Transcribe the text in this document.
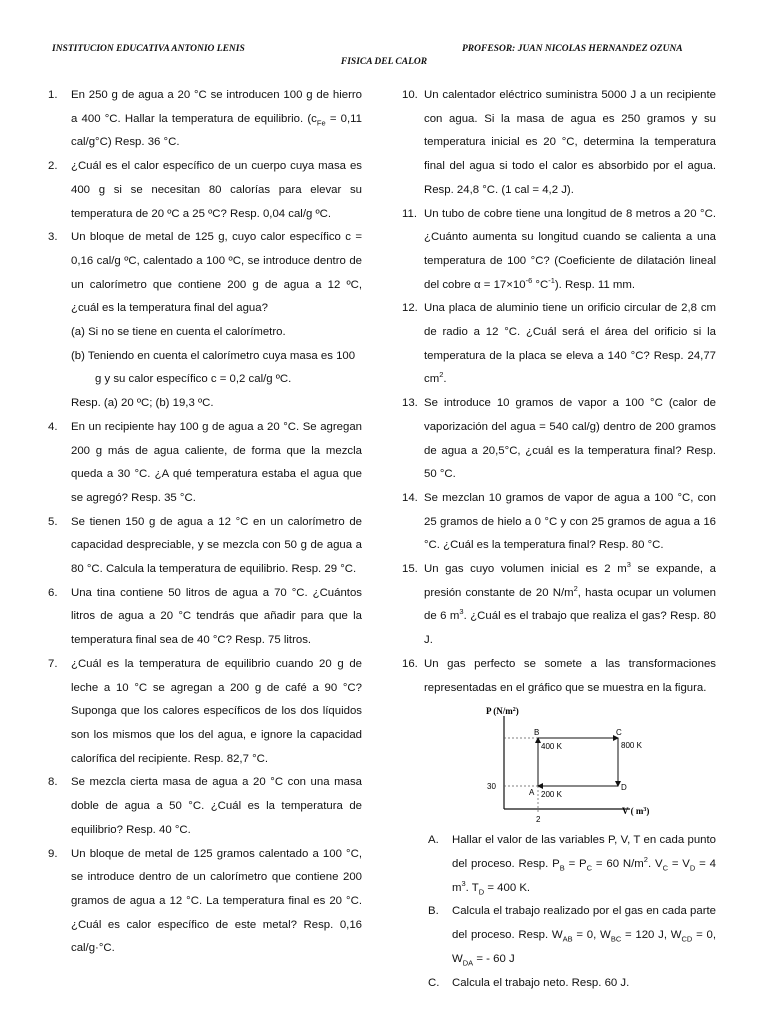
INSTITUCION EDUCATIVA ANTONIO LENIS	PROFESOR: JUAN NICOLAS HERNANDEZ OZUNA
FISICA DEL CALOR
1. En 250 g de agua a 20 °C se introducen 100 g de hierro a 400 °C. Hallar la temperatura de equilibrio. ($c_{Fe} = 0,11$ cal/g°C) Resp. 36 °C.
2. ¿Cuál es el calor específico de un cuerpo cuya masa es 400 g si se necesitan 80 calorías para elevar su temperatura de 20 ºC a 25 ºC? Resp. 0,04 cal/g ºC.
3. Un bloque de metal de 125 g, cuyo calor específico c = 0,16 cal/g ºC, calentado a 100 ºC, se introduce dentro de un calorímetro que contiene 200 g de agua a 12 ºC, ¿cuál es la temperatura final del agua?
(a) Si no se tiene en cuenta el calorímetro.
(b) Teniendo en cuenta el calorímetro cuya masa es 100
g y su calor específico c = 0,2 cal/g ºC.
Resp. (a) 20 ºC; (b) 19,3 ºC.
4. En un recipiente hay 100 g de agua a 20 °C. Se agregan 200 g más de agua caliente, de forma que la mezcla queda a 30 °C. ¿A qué temperatura estaba el agua que se agregó? Resp. 35 °C.
5. Se tienen 150 g de agua a 12 °C en un calorímetro de capacidad despreciable, y se mezcla con 50 g de agua a 80 °C. Calcula la temperatura de equilibrio. Resp. 29 °C.
6. Una tina contiene 50 litros de agua a 70 °C. ¿Cuántos litros de agua a 20 °C tendrás que añadir para que la temperatura final sea de 40 °C? Resp. 75 litros.
7. ¿Cuál es la temperatura de equilibrio cuando 20 g de leche a 10 °C se agregan a 200 g de café a 90 °C? Suponga que los calores específicos de los dos líquidos son los mismos que los del agua, e ignore la capacidad calorífica del recipiente. Resp. 82,7 °C.
8. Se mezcla cierta masa de agua a 20 °C con una masa doble de agua a 50 °C. ¿Cuál es la temperatura de equilibrio? Resp. 40 °C.
9. Un bloque de metal de 125 gramos calentado a 100 °C, se introduce dentro de un calorímetro que contiene 200 gramos de agua a 12 °C. La temperatura final es 20 °C. ¿Cuál es calor específico de este metal? Resp. 0,16 cal/g·°C.
10. Un calentador eléctrico suministra 5000 J a un recipiente con agua. Si la masa de agua es 250 gramos y su temperatura inicial es 20 °C, determina la temperatura final del agua si todo el calor es absorbido por el agua. Resp. 24,8 °C. (1 cal = 4,2 J).
11. Un tubo de cobre tiene una longitud de 8 metros a 20 °C. ¿Cuánto aumenta su longitud cuando se calienta a una temperatura de 100 °C? (Coeficiente de dilatación lineal del cobre $\alpha = 17\times 10^{-6}$ $^\circ C^{-1}$). Resp. 11 mm.
12. Una placa de aluminio tiene un orificio circular de 2,8 cm de radio a 12 °C. ¿Cuál será el área del orificio si la temperatura de la placa se eleva a 140 °C? Resp. 24,77 $cm^2$.
13. Se introduce 10 gramos de vapor a 100 °C (calor de vaporización del agua = 540 cal/g) dentro de 200 gramos de agua a 20,5°C, ¿cuál es la temperatura final? Resp. 50 °C.
14. Se mezclan 10 gramos de vapor de agua a 100 °C, con 25 gramos de hielo a 0 °C y con 25 gramos de agua a 16 °C. ¿Cuál es la temperatura final? Resp. 80 °C.
15. Un gas cuyo volumen inicial es 2 $m^3$ se expande, a presión constante de 20 $N/m^2$, hasta ocupar un volumen de 6 $m^3$. ¿Cuál es el trabajo que realiza el gas? Resp. 80 J.
16. Un gas perfecto se somete a las transformaciones representadas en el gráfico que se muestra en la figura.
P $(N/m^2)$
V ( $m^3$)
30
2
B	C
A
D
400 K	800 K
200 K
A. Hallar el valor de las variables P, V, T en cada punto del proceso. Resp. $P_B = P_C = 60$ $N/m^2$. $V_C = V_D = 4$ $m^3$. $T_D = 400$ K.
B. Calcula el trabajo realizado por el gas en cada parte del proceso. Resp. $W_{AB} = 0$, $W_{BC} = 120$ J, $W_{CD} = 0$, $W_{DA}$ = - 60 J
C. Calcula el trabajo neto. Resp. 60 J.
